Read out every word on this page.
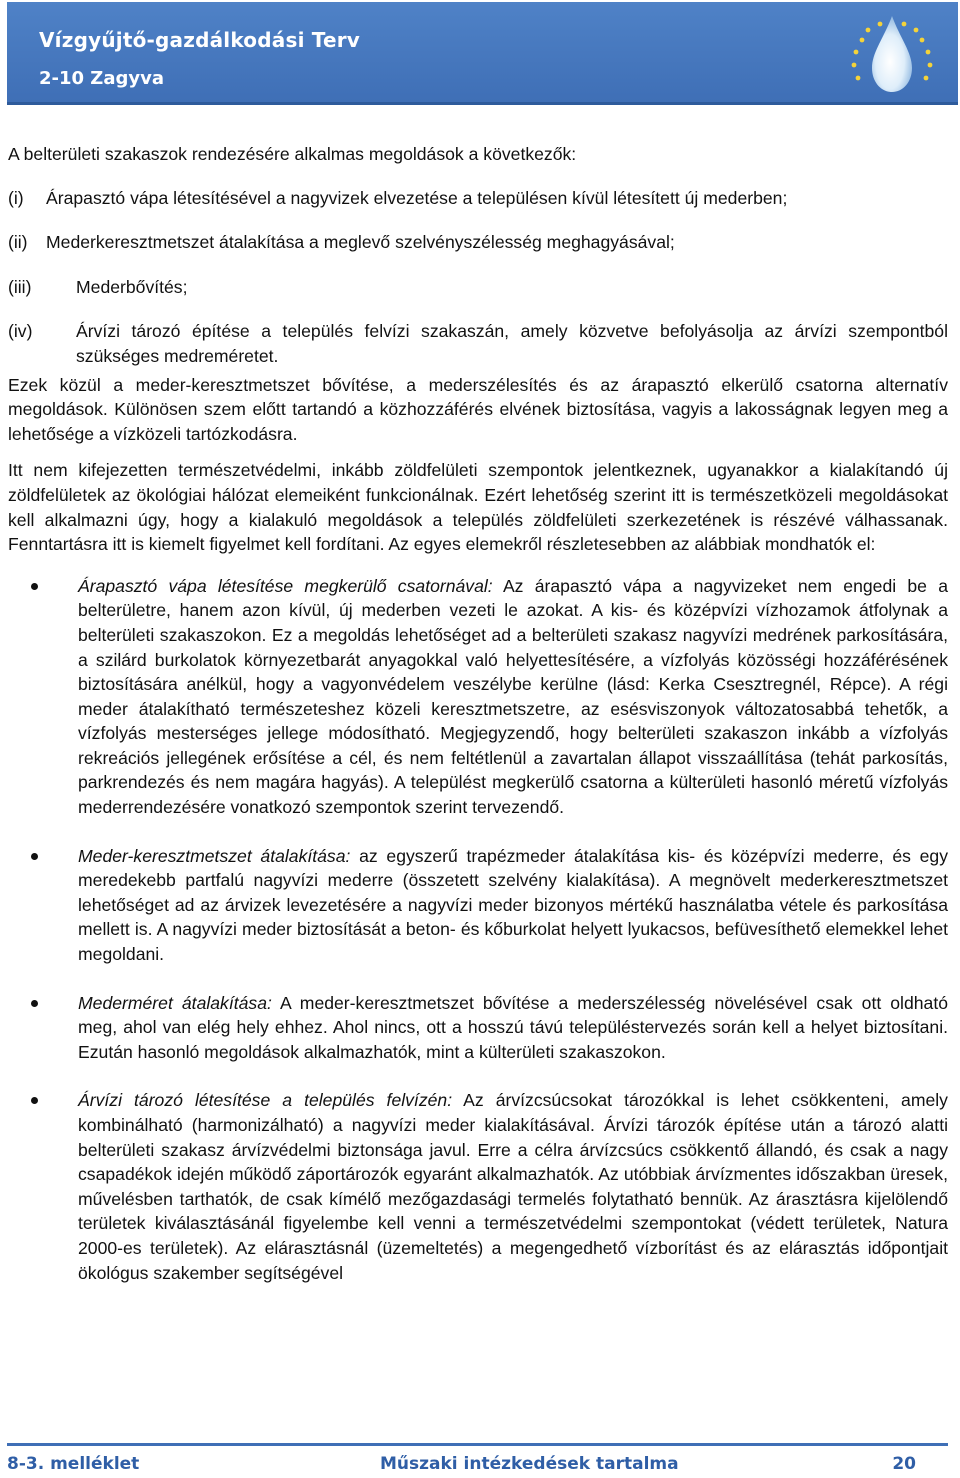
Vízgyűjtő-gazdálkodási Terv
2-10 Zagyva

A belterületi szakaszok rendezésére alkalmas megoldások a következők:

(i)	Árapasztó vápa létesítésével a nagyvizek elvezetése a településen kívül létesített új mederben;
(ii)	Mederkeresztmetszet átalakítása a meglevő szelvényszélesség meghagyásával;
(iii)	Mederbővítés;
(iv)	Árvízi tározó építése a település felvízi szakaszán, amely közvetve befolyásolja az árvízi szempontból szükséges medreméretet.

Ezek közül a meder-keresztmetszet bővítése, a mederszélesítés és az árapasztó elkerülő csatorna alternatív megoldások. Különösen szem előtt tartandó a közhozzáférés elvének biztosítása, vagyis a lakosságnak legyen meg a lehetősége a vízközeli tartózkodásra.

Itt nem kifejezetten természetvédelmi, inkább zöldfelületi szempontok jelentkeznek, ugyanakkor a kialakítandó új zöldfelületek az ökológiai hálózat elemeiként funkcionálnak. Ezért lehetőség szerint itt is természetközeli megoldásokat kell alkalmazni úgy, hogy a kialakuló megoldások a település zöldfelületi szerkezetének is részévé válhassanak. Fenntartásra itt is kiemelt figyelmet kell fordítani. Az egyes elemekről részletesebben az alábbiak mondhatók el:

Árapasztó vápa létesítése megkerülő csatornával: Az árapasztó vápa a nagyvizeket nem engedi be a belterületre, hanem azon kívül, új mederben vezeti le azokat. A kis- és középvízi vízhozamok átfolynak a belterületi szakaszokon. Ez a megoldás lehetőséget ad a belterületi szakasz nagyvízi medrének parkosítására, a szilárd burkolatok környezetbarát anyagokkal való helyettesítésére, a vízfolyás közösségi hozzáférésének biztosítására anélkül, hogy a vagyonvédelem veszélybe kerülne (lásd: Kerka Csesztregnél, Répce). A régi meder átalakítható természeteshez közeli keresztmetszetre, az esésviszonyok változatosabbá tehetők, a vízfolyás mesterséges jellege módosítható. Megjegyzendő, hogy belterületi szakaszon inkább a vízfolyás rekreációs jellegének erősítése a cél, és nem feltétlenül a zavartalan állapot visszaállítása (tehát parkosítás, parkrendezés és nem magára hagyás). A települést megkerülő csatorna a külterületi hasonló méretű vízfolyás mederrendezésére vonatkozó szempontok szerint tervezendő.
Meder-keresztmetszet átalakítása: az egyszerű trapézmeder átalakítása kis- és középvízi mederre, és egy meredekebb partfalú nagyvízi mederre (összetett szelvény kialakítása). A megnövelt mederkeresztmetszet lehetőséget ad az árvizek levezetésére a nagyvízi meder bizonyos mértékű használatba vétele és parkosítása mellett is. A nagyvízi meder biztosítását a beton- és kőburkolat helyett lyukacsos, befüvesíthető elemekkel lehet megoldani.
Mederméret átalakítása: A meder-keresztmetszet bővítése a mederszélesség növelésével csak ott oldható meg, ahol van elég hely ehhez. Ahol nincs, ott a hosszú távú településtervezés során kell a helyet biztosítani. Ezután hasonló megoldások alkalmazhatók, mint a külterületi szakaszokon.
Árvízi tározó létesítése a település felvízén: Az árvízcsúcsokat tározókkal is lehet csökkenteni, amely kombinálható (harmonizálható) a nagyvízi meder kialakításával. Árvízi tározók építése után a tározó alatti belterületi szakasz árvízvédelmi biztonsága javul. Erre a célra árvízcsúcs csökkentő állandó, és csak a nagy csapadékok idején működő záportározók egyaránt alkalmazhatók. Az utóbbiak árvízmentes időszakban üresek, művelésben tarthatók, de csak kímélő mezőgazdasági termelés folytatható bennük. Az árasztásra kijelölendő területek kiválasztásánál figyelembe kell venni a természetvédelmi szempontokat (védett területek, Natura 2000-es területek). Az elárasztásnál (üzemeltetés) a megengedhető vízborítást és az elárasztás időpontjait ökológus szakember segítségével
8-3. melléklet	Műszaki intézkedések tartalma	20
